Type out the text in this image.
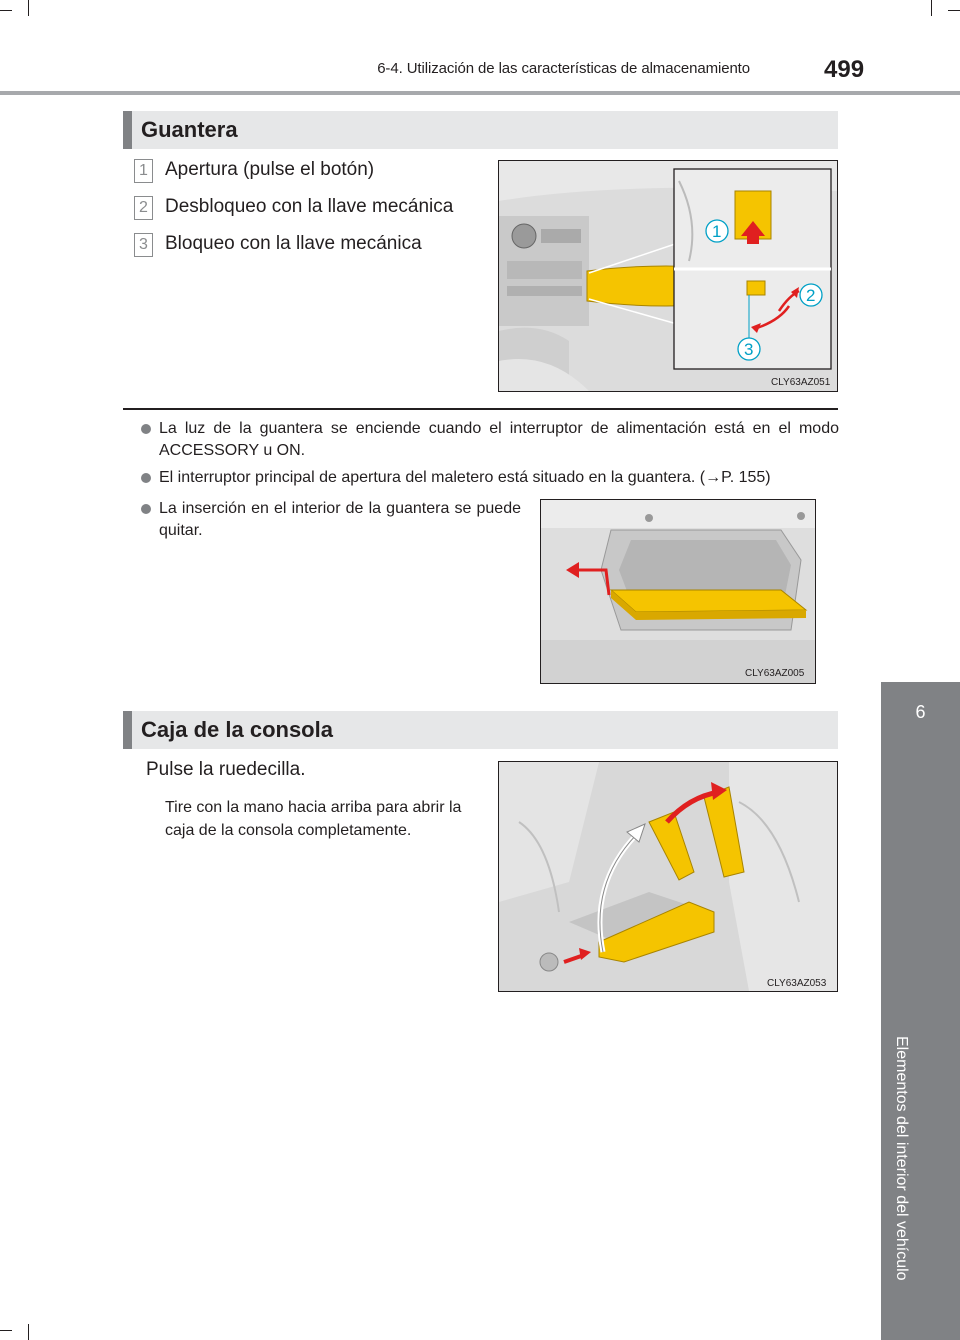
6-4. Utilización de las características de almacenamiento	499
6
Elementos del interior del vehículo
Guantera
1 Apertura (pulse el botón)
2 Desbloqueo con la llave mecánica
3 Bloqueo con la llave mecánica
1
2
3
CLY63AZ051
La luz de la guantera se enciende cuando el interruptor de alimentación está en el modo ACCESSORY u ON.
El interruptor principal de apertura del maletero está situado en la guantera. (→P. 155)
La inserción en el interior de la guantera se puede quitar.
CLY63AZ005
Caja de la consola
Pulse la ruedecilla.
Tire con la mano hacia arriba para abrir la caja de la consola completamente.
CLY63AZ053
